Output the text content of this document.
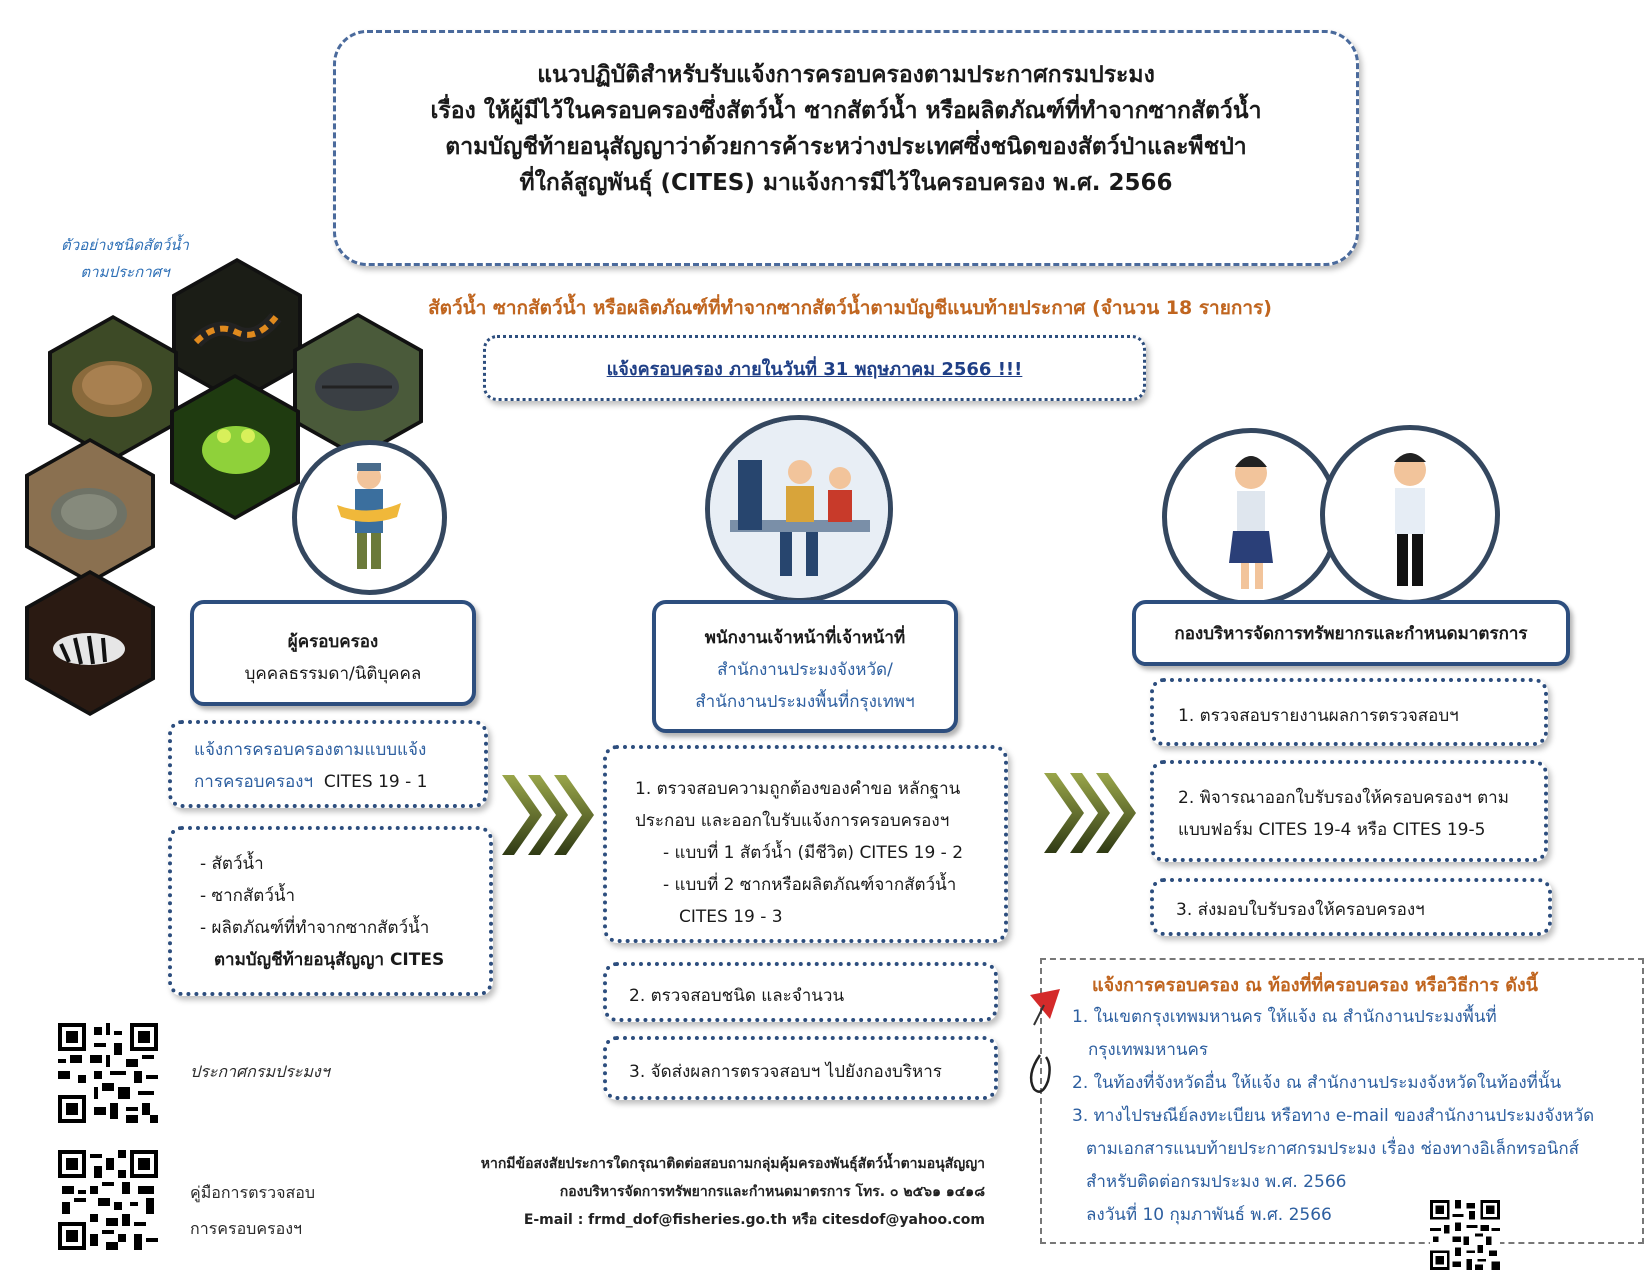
แนวปฏิบัติสำหรับรับแจ้งการครอบครองตามประกาศกรมประมง
เรื่อง ให้ผู้มีไว้ในครอบครองซึ่งสัตว์น้ำ ซากสัตว์น้ำ หรือผลิตภัณฑ์ที่ทำจากซากสัตว์น้ำ
ตามบัญชีท้ายอนุสัญญาว่าด้วยการค้าระหว่างประเทศซึ่งชนิดของสัตว์ป่าและพืชป่า
ที่ใกล้สูญพันธุ์ (CITES) มาแจ้งการมีไว้ในครอบครอง พ.ศ. 2566
สัตว์น้ำ ซากสัตว์น้ำ หรือผลิตภัณฑ์ที่ทำจากซากสัตว์น้ำตามบัญชีแนบท้ายประกาศ (จำนวน 18 รายการ)
แจ้งครอบครอง ภายในวันที่ 31 พฤษภาคม 2566 !!!
ตัวอย่างชนิดสัตว์น้ำ
ตามประกาศฯ
ผู้ครอบครอง
บุคคลธรรมดา/นิติบุคคล
แจ้งการครอบครองตามแบบแจ้ง
การครอบครองฯ CITES 19 - 1
- สัตว์น้ำ
- ซากสัตว์น้ำ
- ผลิตภัณฑ์ที่ทำจากซากสัตว์น้ำ
ตามบัญชีท้ายอนุสัญญา CITES
พนักงานเจ้าหน้าที่เจ้าหน้าที่
สำนักงานประมงจังหวัด/
สำนักงานประมงพื้นที่กรุงเทพฯ
1. ตรวจสอบความถูกต้องของคำขอ หลักฐาน
ประกอบ และออกใบรับแจ้งการครอบครองฯ
- แบบที่ 1 สัตว์น้ำ (มีชีวิต) CITES 19 - 2
- แบบที่ 2 ซากหรือผลิตภัณฑ์จากสัตว์น้ำ
CITES 19 - 3
2. ตรวจสอบชนิด และจำนวน
3. จัดส่งผลการตรวจสอบฯ ไปยังกองบริหาร
กองบริหารจัดการทรัพยากรและกำหนดมาตรการ
1. ตรวจสอบรายงานผลการตรวจสอบฯ
2. พิจารณาออกใบรับรองให้ครอบครองฯ ตาม
แบบฟอร์ม CITES 19-4 หรือ CITES 19-5
3. ส่งมอบใบรับรองให้ครอบครองฯ
แจ้งการครอบครอง ณ ท้องที่ที่ครอบครอง หรือวิธีการ ดังนี้
1. ในเขตกรุงเทพมหานคร ให้แจ้ง ณ สำนักงานประมงพื้นที่
กรุงเทพมหานคร
2. ในท้องที่จังหวัดอื่น ให้แจ้ง ณ สำนักงานประมงจังหวัดในท้องที่นั้น
3. ทางไปรษณีย์ลงทะเบียน หรือทาง e-mail ของสำนักงานประมงจังหวัด
ตามเอกสารแนบท้ายประกาศกรมประมง เรื่อง ช่องทางอิเล็กทรอนิกส์
สำหรับติดต่อกรมประมง พ.ศ. 2566
ลงวันที่ 10 กุมภาพันธ์ พ.ศ. 2566
ประกาศกรมประมงฯ
คู่มือการตรวจสอบ
การครอบครองฯ
หากมีข้อสงสัยประการใดกรุณาติดต่อสอบถามกลุ่มคุ้มครองพันธุ์สัตว์น้ำตามอนุสัญญา
กองบริหารจัดการทรัพยากรและกำหนดมาตรการ โทร. ๐ ๒๕๖๑ ๑๔๑๘
E-mail : frmd_dof@fisheries.go.th หรือ citesdof@yahoo.com
